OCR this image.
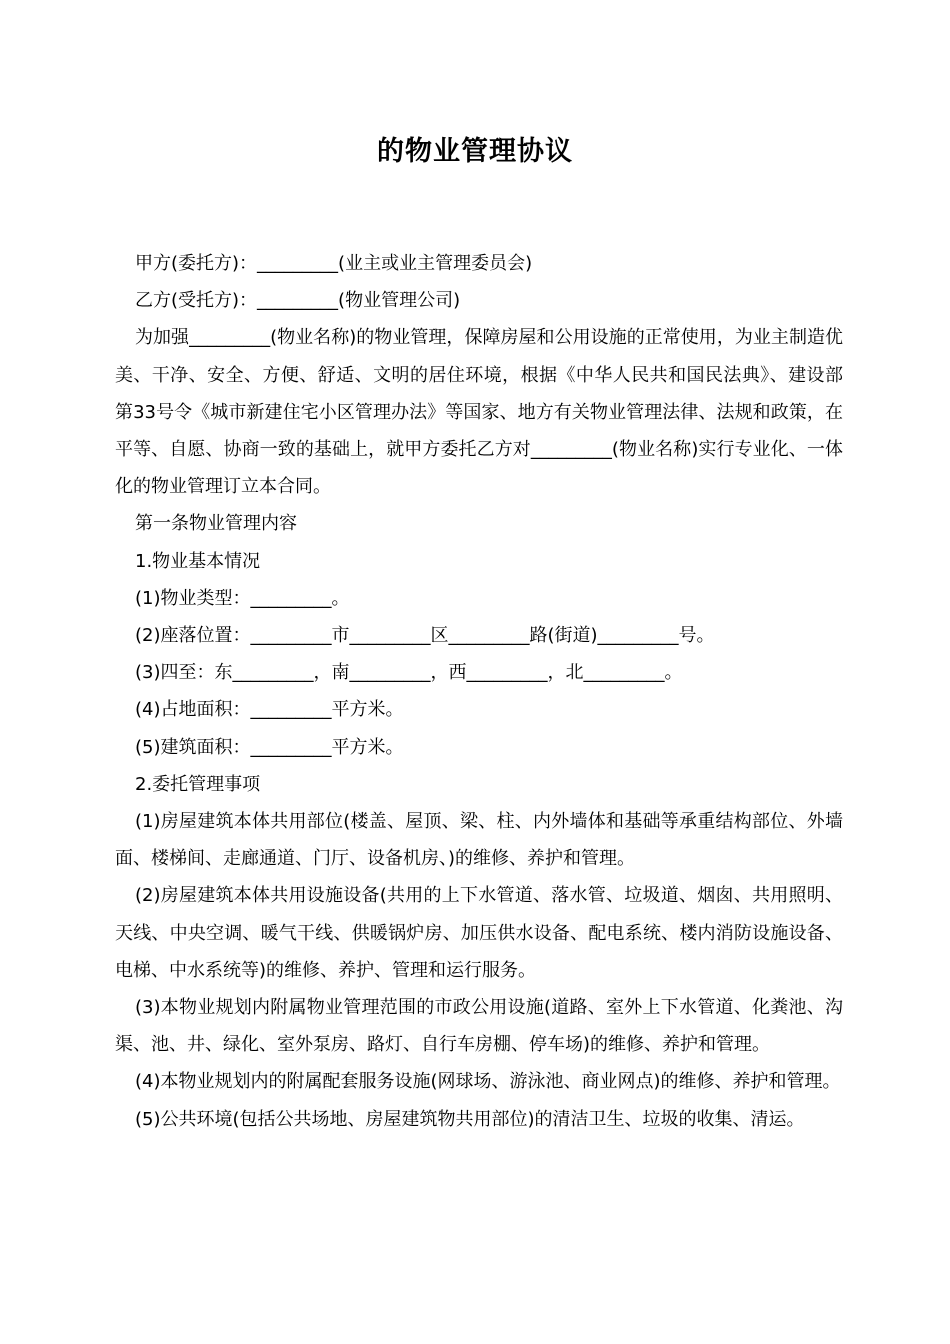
的物业管理协议

甲方(委托方)：_________(业主或业主管理委员会)

乙方(受托方)：_________(物业管理公司)

为加强_________(物业名称)的物业管理，保障房屋和公用设施的正常使用，为业主制造优美、干净、安全、方便、舒适、文明的居住环境，根据《中华人民共和国民法典》、建设部第33号令《城市新建住宅小区管理办法》等国家、地方有关物业管理法律、法规和政策，在平等、自愿、协商一致的基础上，就甲方委托乙方对_________(物业名称)实行专业化、一体化的物业管理订立本合同。

第一条物业管理内容

1.物业基本情况

(1)物业类型：_________。

(2)座落位置：_________市_________区_________路(街道)_________号。

(3)四至：东_________，南_________，西_________，北_________。

(4)占地面积：_________平方米。

(5)建筑面积：_________平方米。

2.委托管理事项

(1)房屋建筑本体共用部位(楼盖、屋顶、梁、柱、内外墙体和基础等承重结构部位、外墙面、楼梯间、走廊通道、门厅、设备机房、)的维修、养护和管理。

(2)房屋建筑本体共用设施设备(共用的上下水管道、落水管、垃圾道、烟囱、共用照明、天线、中央空调、暖气干线、供暖锅炉房、加压供水设备、配电系统、楼内消防设施设备、电梯、中水系统等)的维修、养护、管理和运行服务。

(3)本物业规划内附属物业管理范围的市政公用设施(道路、室外上下水管道、化粪池、沟渠、池、井、绿化、室外泵房、路灯、自行车房棚、停车场)的维修、养护和管理。

(4)本物业规划内的附属配套服务设施(网球场、游泳池、商业网点)的维修、养护和管理。

(5)公共环境(包括公共场地、房屋建筑物共用部位)的清洁卫生、垃圾的收集、清运。
